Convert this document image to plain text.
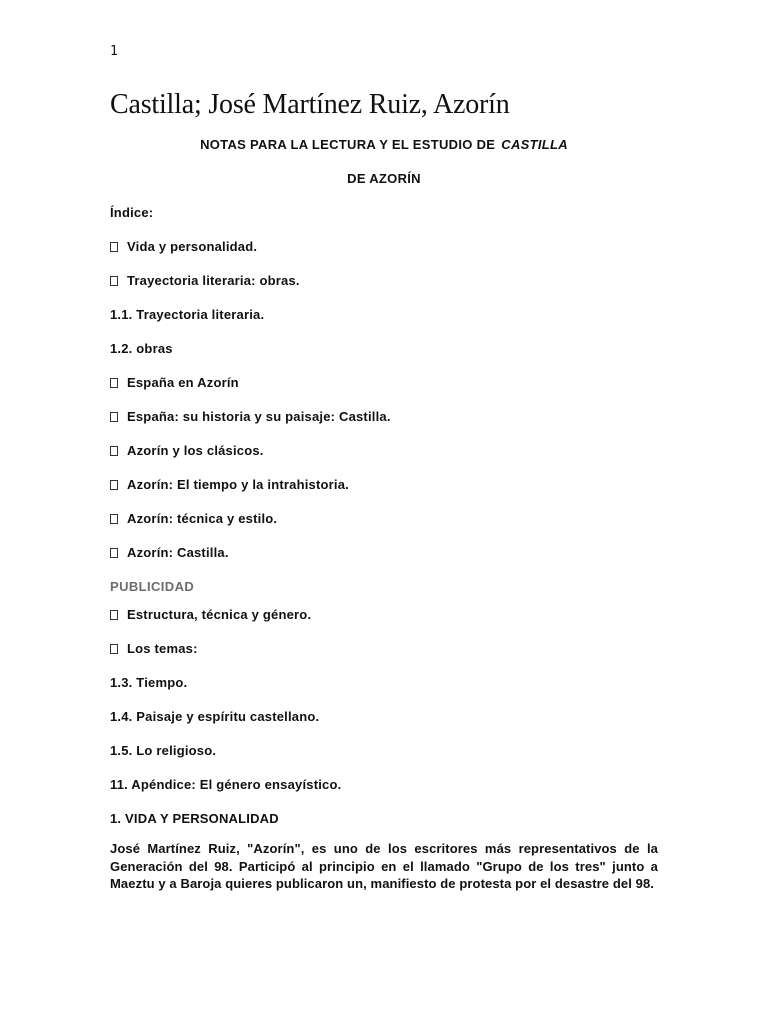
1
Castilla; José Martínez Ruiz, Azorín
NOTAS PARA LA LECTURA Y EL ESTUDIO DE CASTILLA
DE AZORÍN
Índice:
Vida y personalidad.
Trayectoria literaria: obras.
1.1. Trayectoria literaria.
1.2. obras
España en Azorín
España: su historia y su paisaje: Castilla.
Azorín y los clásicos.
Azorín: El tiempo y la intrahistoria.
Azorín: técnica y estilo.
Azorín: Castilla.
PUBLICIDAD
Estructura, técnica y género.
Los temas:
1.3. Tiempo.
1.4. Paisaje y espíritu castellano.
1.5. Lo religioso.
11. Apéndice: El género ensayístico.
1. VIDA Y PERSONALIDAD

José Martínez Ruiz, "Azorín", es uno de los escritores más representativos de la Generación del 98. Participó al principio en el llamado "Grupo de los tres" junto a Maeztu y a Baroja quieres publicaron un, manifiesto de protesta por el desastre del 98.
